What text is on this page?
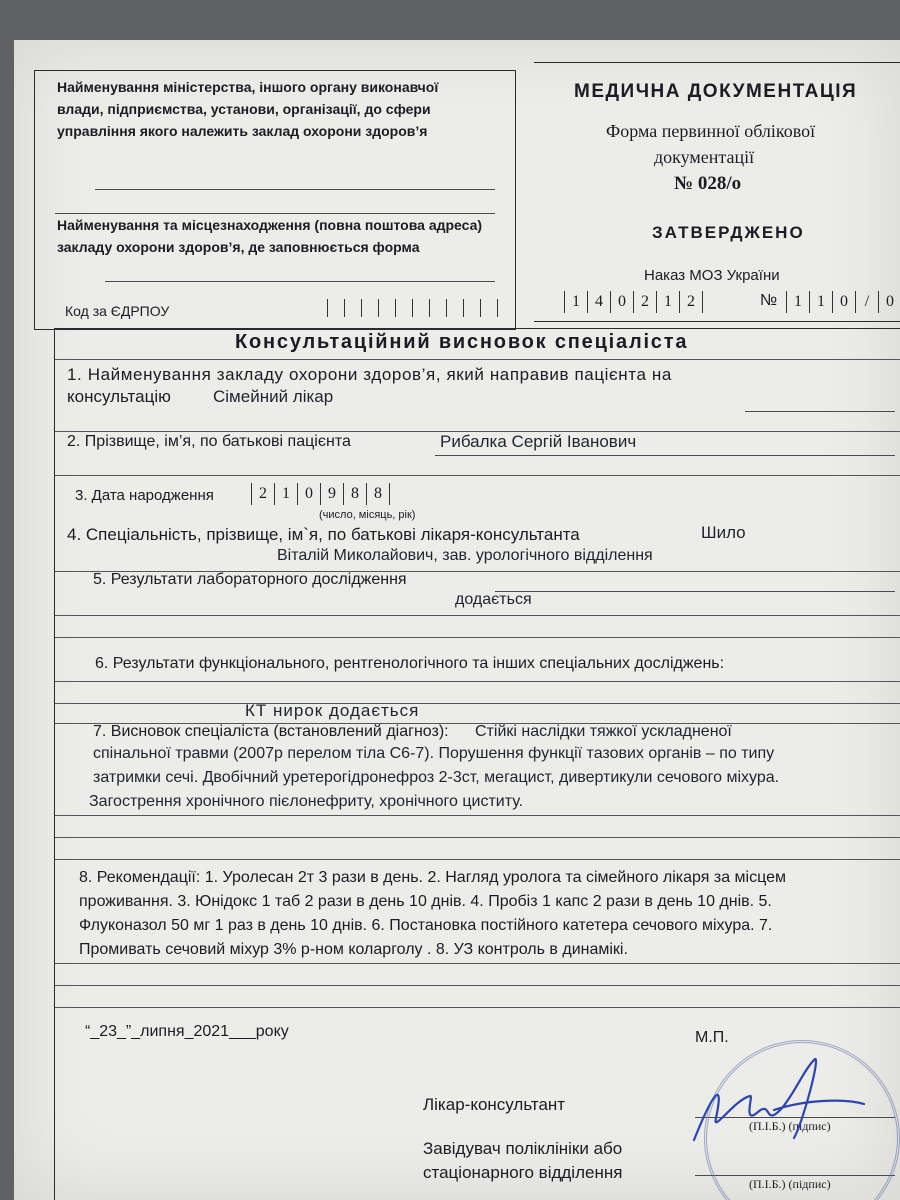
Найменування міністерства, іншого органу виконавчої
влади, підприємства, установи, організації, до сфери
управління якого належить заклад охорони здоров’я
Найменування та місцезнаходження (повна поштова адреса)
закладу охорони здоров’я, де заповнюється форма
Код за ЄДРПОУ
МЕДИЧНА ДОКУМЕНТАЦІЯ
Форма первинної облікової
документації
№ 028/о
ЗАТВЕРДЖЕНО
Наказ МОЗ України
1 4 0 2 1 2	№	1 1 0	/	0
Консультаційний висновок спеціаліста
1. Найменування закладу охорони здоров’я, який направив пацієнта на
консультацію Сімейний лікар
2. Прізвище, ім’я, по батькові пацієнта	Рибалка Сергій Іванович
3. Дата народження	2 1 0 9 8 8
(число, місяць, рік)
4. Спеціальність, прізвище, ім`я, по батькові лікаря-консультанта	Шило
Віталій Миколайович, зав. урологічного відділення
5. Результати лабораторного дослідження
додається
6. Результати функціонального, рентгенологічного та інших спеціальних досліджень:
КТ нирок додається
7. Висновок спеціаліста (встановлений діагноз): Стійкі наслідки тяжкої ускладненої
спінальної травми (2007р перелом тіла С6-7). Порушення функції тазових органів – по типу
затримки сечі. Двобічний уретерогідронефроз 2-3ст, мегацист, дивертикули сечового міхура.
Загострення хронічного пієлонефриту, хронічного циститу.
8. Рекомендації: 1. Уролесан 2т 3 рази в день. 2. Нагляд уролога та сімейного лікаря за місцем
проживання. 3. Юнідокс 1 таб 2 рази в день 10 днів. 4. Пробіз 1 капс 2 рази в день 10 днів. 5.
Флуконазол 50 мг 1 раз в день 10 днів. 6. Постановка постійного катетера сечового міхура. 7.
Промивать сечовий міхур 3% р-ном коларголу . 8. УЗ контроль в динамікі.
“_23_”_липня_2021___року	М.П.
Лікар-консультант
(П.І.Б.) (підпис)
Завідувач поліклініки або
стаціонарного відділення
(П.І.Б.) (підпис)
